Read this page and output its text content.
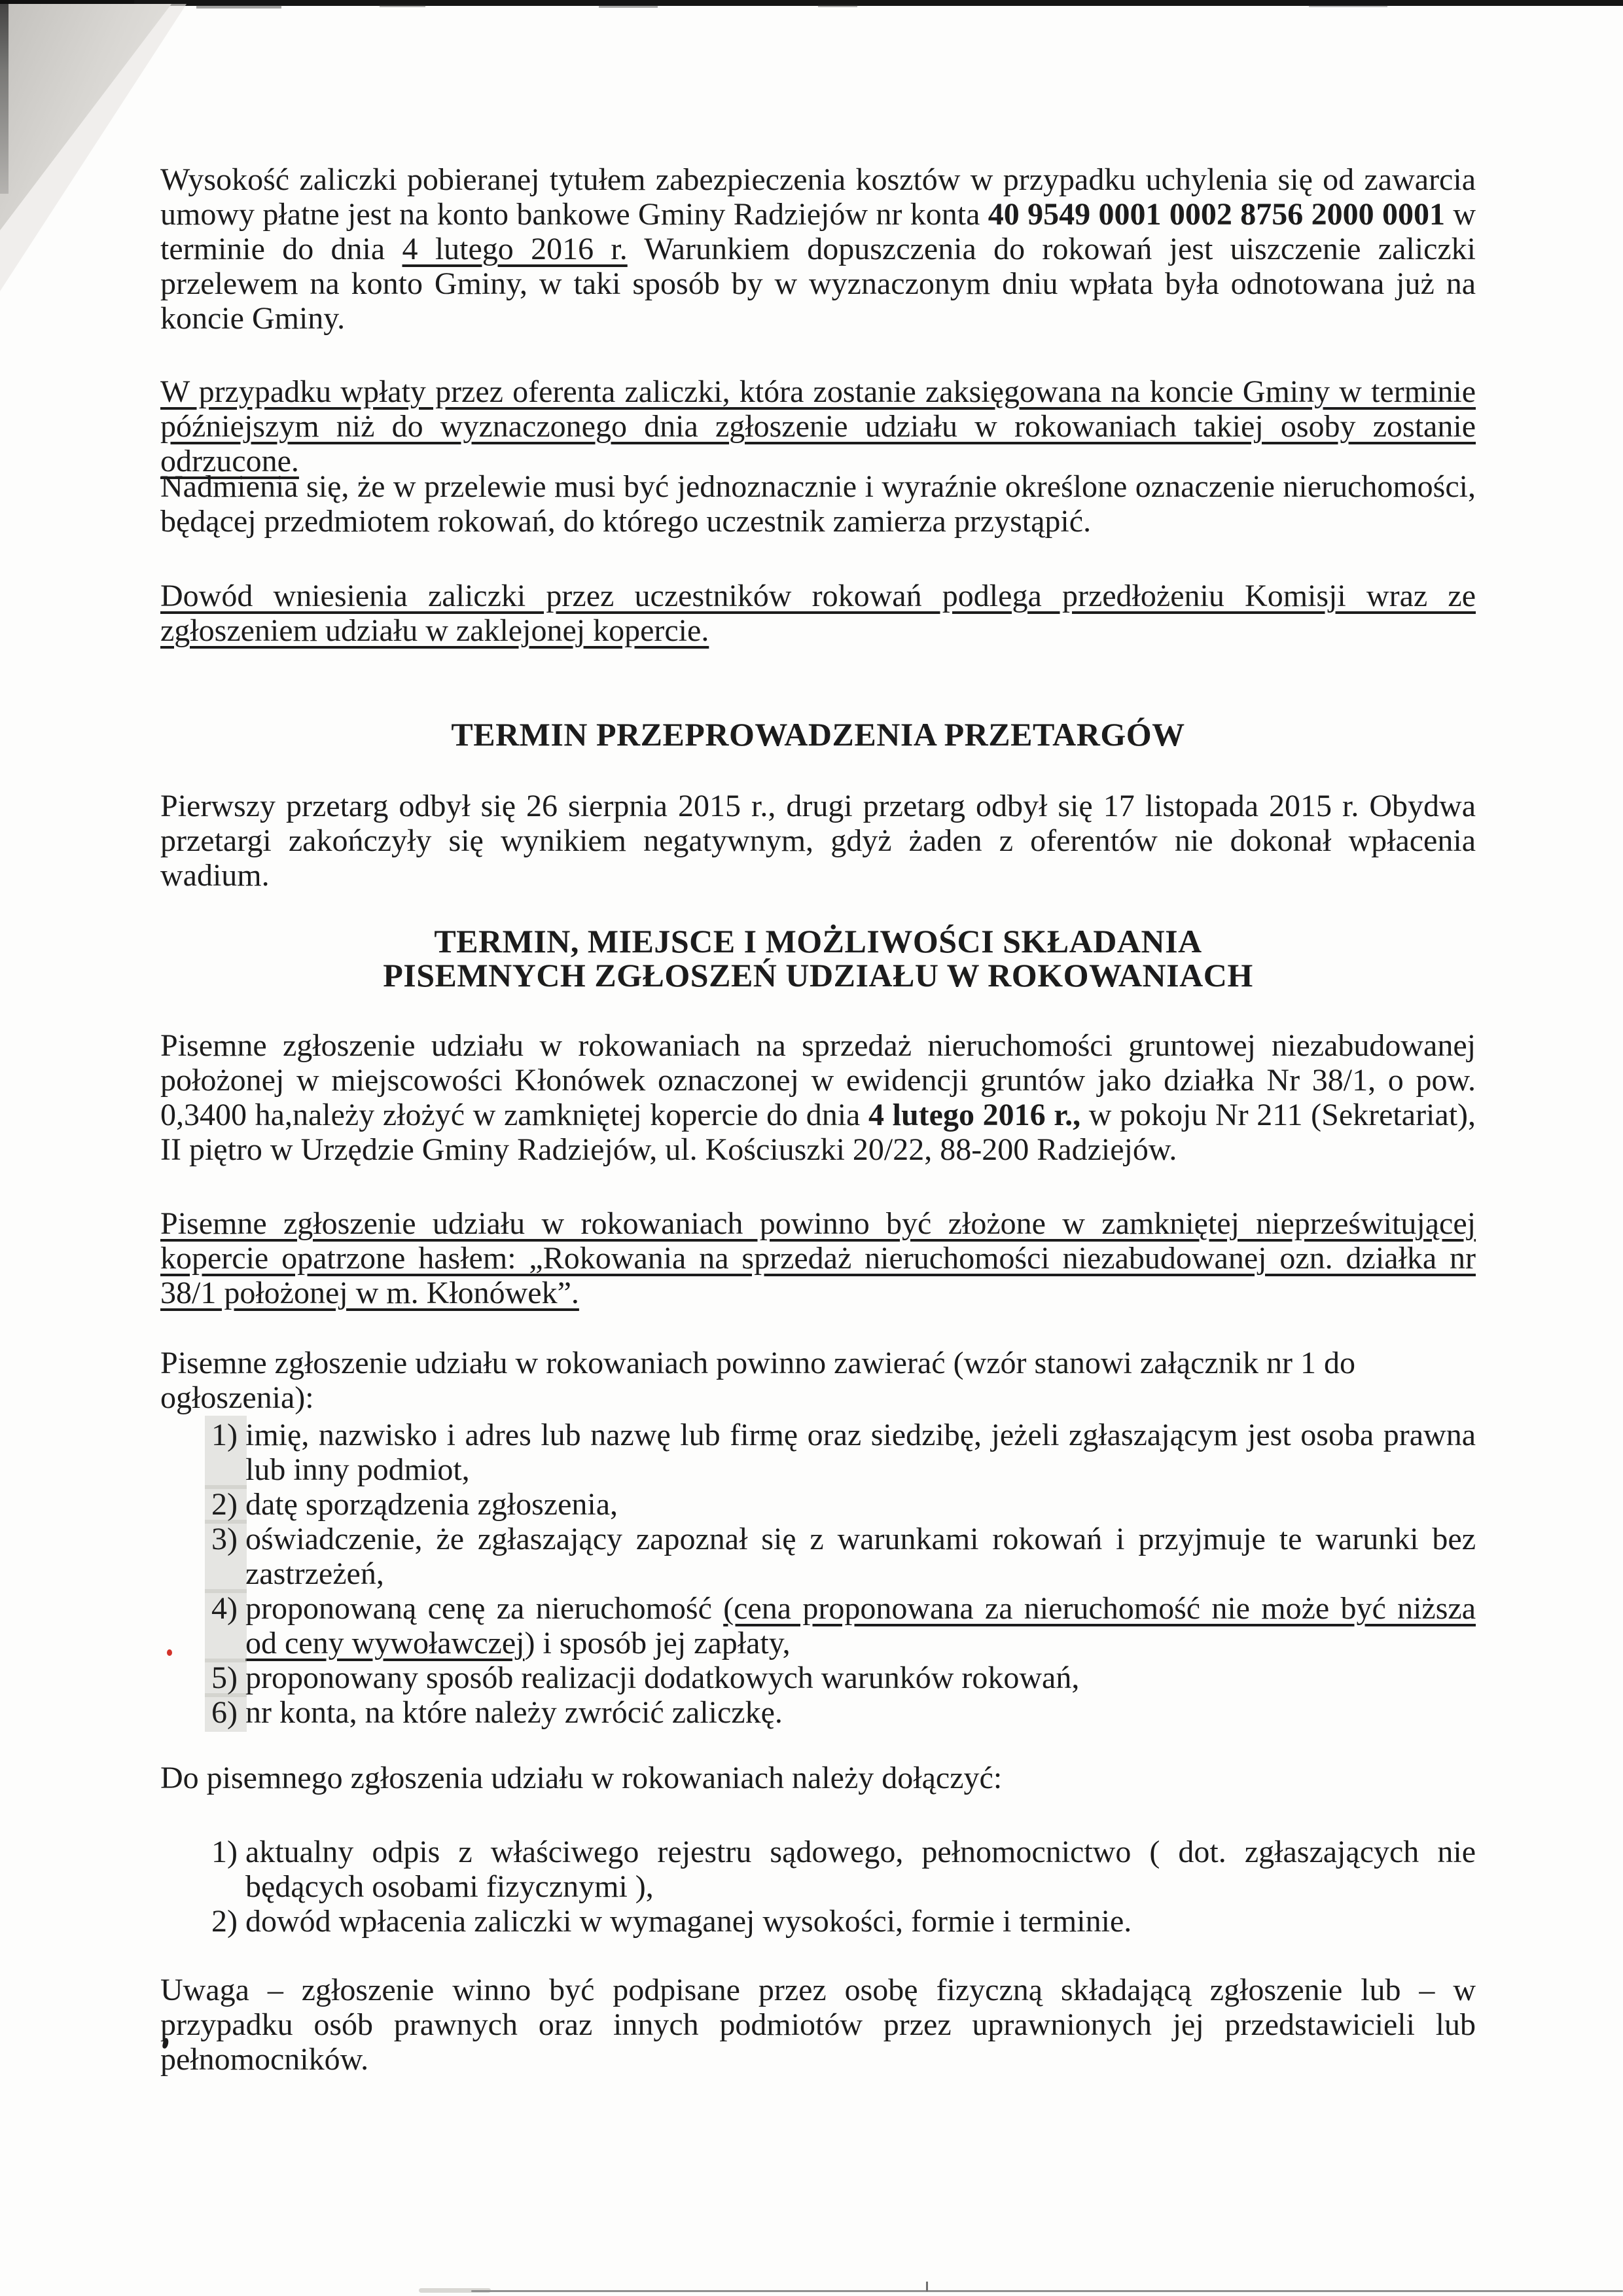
Wysokość zaliczki pobieranej tytułem zabezpieczenia kosztów w przypadku uchylenia się od zawarcia umowy płatne jest na konto bankowe Gminy Radziejów nr konta 40 9549 0001 0002 8756 2000 0001 w terminie do dnia 4 lutego 2016 r. Warunkiem dopuszczenia do rokowań jest uiszczenie zaliczki przelewem na konto Gminy, w taki sposób by w wyznaczonym dniu wpłata była odnotowana już na koncie Gminy.

W przypadku wpłaty przez oferenta zaliczki, która zostanie zaksięgowana na koncie Gminy w terminie późniejszym niż do wyznaczonego dnia zgłoszenie udziału w rokowaniach takiej osoby zostanie odrzucone.

Nadmienia się, że w przelewie musi być jednoznacznie i wyraźnie określone oznaczenie nieruchomości, będącej przedmiotem rokowań, do którego uczestnik zamierza przystąpić.

Dowód wniesienia zaliczki przez uczestników rokowań podlega przedłożeniu Komisji wraz ze zgłoszeniem udziału w zaklejonej kopercie.

TERMIN PRZEPROWADZENIA PRZETARGÓW

Pierwszy przetarg odbył się 26 sierpnia 2015 r., drugi przetarg odbył się 17 listopada 2015 r. Obydwa przetargi zakończyły się wynikiem negatywnym, gdyż żaden z oferentów nie dokonał wpłacenia wadium.

TERMIN, MIEJSCE I MOŻLIWOŚCI SKŁADANIA
PISEMNYCH ZGŁOSZEŃ UDZIAŁU W ROKOWANIACH

Pisemne zgłoszenie udziału w rokowaniach na sprzedaż nieruchomości gruntowej niezabudowanej położonej w miejscowości Kłonówek oznaczonej w ewidencji gruntów jako działka Nr 38/1, o pow. 0,3400 ha,należy złożyć w zamkniętej kopercie do dnia 4 lutego 2016 r., w pokoju Nr 211 (Sekretariat), II piętro w Urzędzie Gminy Radziejów, ul. Kościuszki 20/22, 88-200 Radziejów.

Pisemne zgłoszenie udziału w rokowaniach powinno być złożone w zamkniętej nieprześwitującej kopercie opatrzone hasłem: „Rokowania na sprzedaż nieruchomości niezabudowanej ozn. działka nr 38/1 położonej w m. Kłonówek”.

Pisemne zgłoszenie udziału w rokowaniach powinno zawierać (wzór stanowi załącznik nr 1 do ogłoszenia):

1) imię, nazwisko i adres lub nazwę lub firmę oraz siedzibę, jeżeli zgłaszającym jest osoba prawna lub inny podmiot,
2) datę sporządzenia zgłoszenia,
3) oświadczenie, że zgłaszający zapoznał się z warunkami rokowań i przyjmuje te warunki bez zastrzeżeń,
4) proponowaną cenę za nieruchomość (cena proponowana za nieruchomość nie może być niższa od ceny wywoławczej) i sposób jej zapłaty,
5) proponowany sposób realizacji dodatkowych warunków rokowań,
6) nr konta, na które należy zwrócić zaliczkę.

Do pisemnego zgłoszenia udziału w rokowaniach należy dołączyć:

1) aktualny odpis z właściwego rejestru sądowego, pełnomocnictwo ( dot. zgłaszających nie będących osobami fizycznymi ),
2) dowód wpłacenia zaliczki w wymaganej wysokości, formie i terminie.

Uwaga – zgłoszenie winno być podpisane przez osobę fizyczną składającą zgłoszenie lub – w przypadku osób prawnych oraz innych podmiotów przez uprawnionych jej przedstawicieli lub pełnomocników.
